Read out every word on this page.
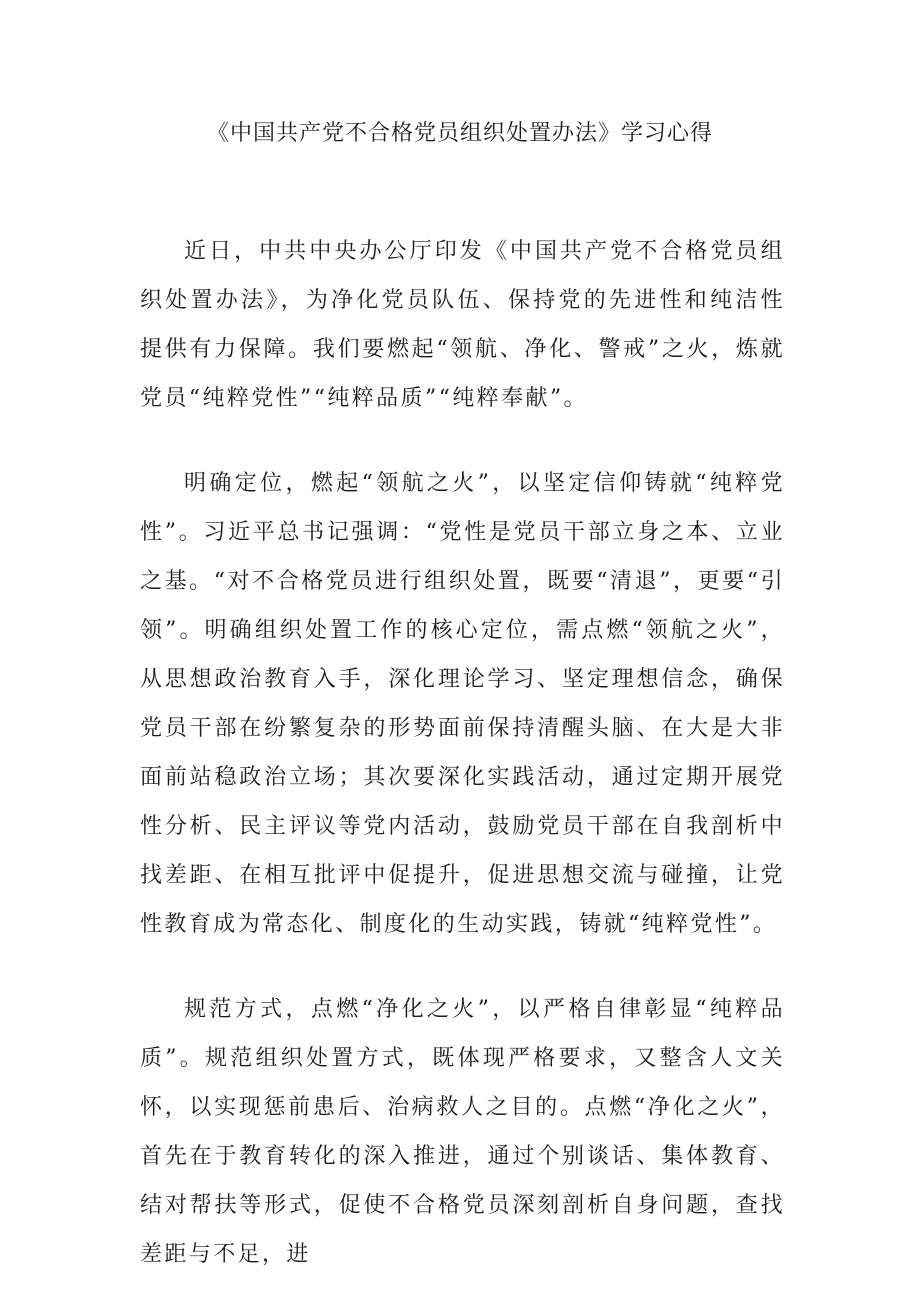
《中国共产党不合格党员组织处置办法》学习心得

近日，中共中央办公厅印发《中国共产党不合格党员组织处置办法》，为净化党员队伍、保持党的先进性和纯洁性提供有力保障。我们要燃起“领航、净化、警戒”之火，炼就党员“纯粹党性”“纯粹品质”“纯粹奉献”。

明确定位，燃起“领航之火”，以坚定信仰铸就“纯粹党性”。习近平总书记强调：“党性是党员干部立身之本、立业之基。“对不合格党员进行组织处置，既要“清退”，更要“引领”。明确组织处置工作的核心定位，需点燃“领航之火”，从思想政治教育入手，深化理论学习、坚定理想信念，确保党员干部在纷繁复杂的形势面前保持清醒头脑、在大是大非面前站稳政治立场；其次要深化实践活动，通过定期开展党性分析、民主评议等党内活动，鼓励党员干部在自我剖析中找差距、在相互批评中促提升，促进思想交流与碰撞，让党性教育成为常态化、制度化的生动实践，铸就“纯粹党性”。

规范方式，点燃“净化之火”，以严格自律彰显“纯粹品质”。规范组织处置方式，既体现严格要求，又整含人文关怀，以实现惩前患后、治病救人之目的。点燃“净化之火”，首先在于教育转化的深入推进，通过个别谈话、集体教育、结对帮扶等形式，促使不合格党员深刻剖析自身问题，查找差距与不足，进
